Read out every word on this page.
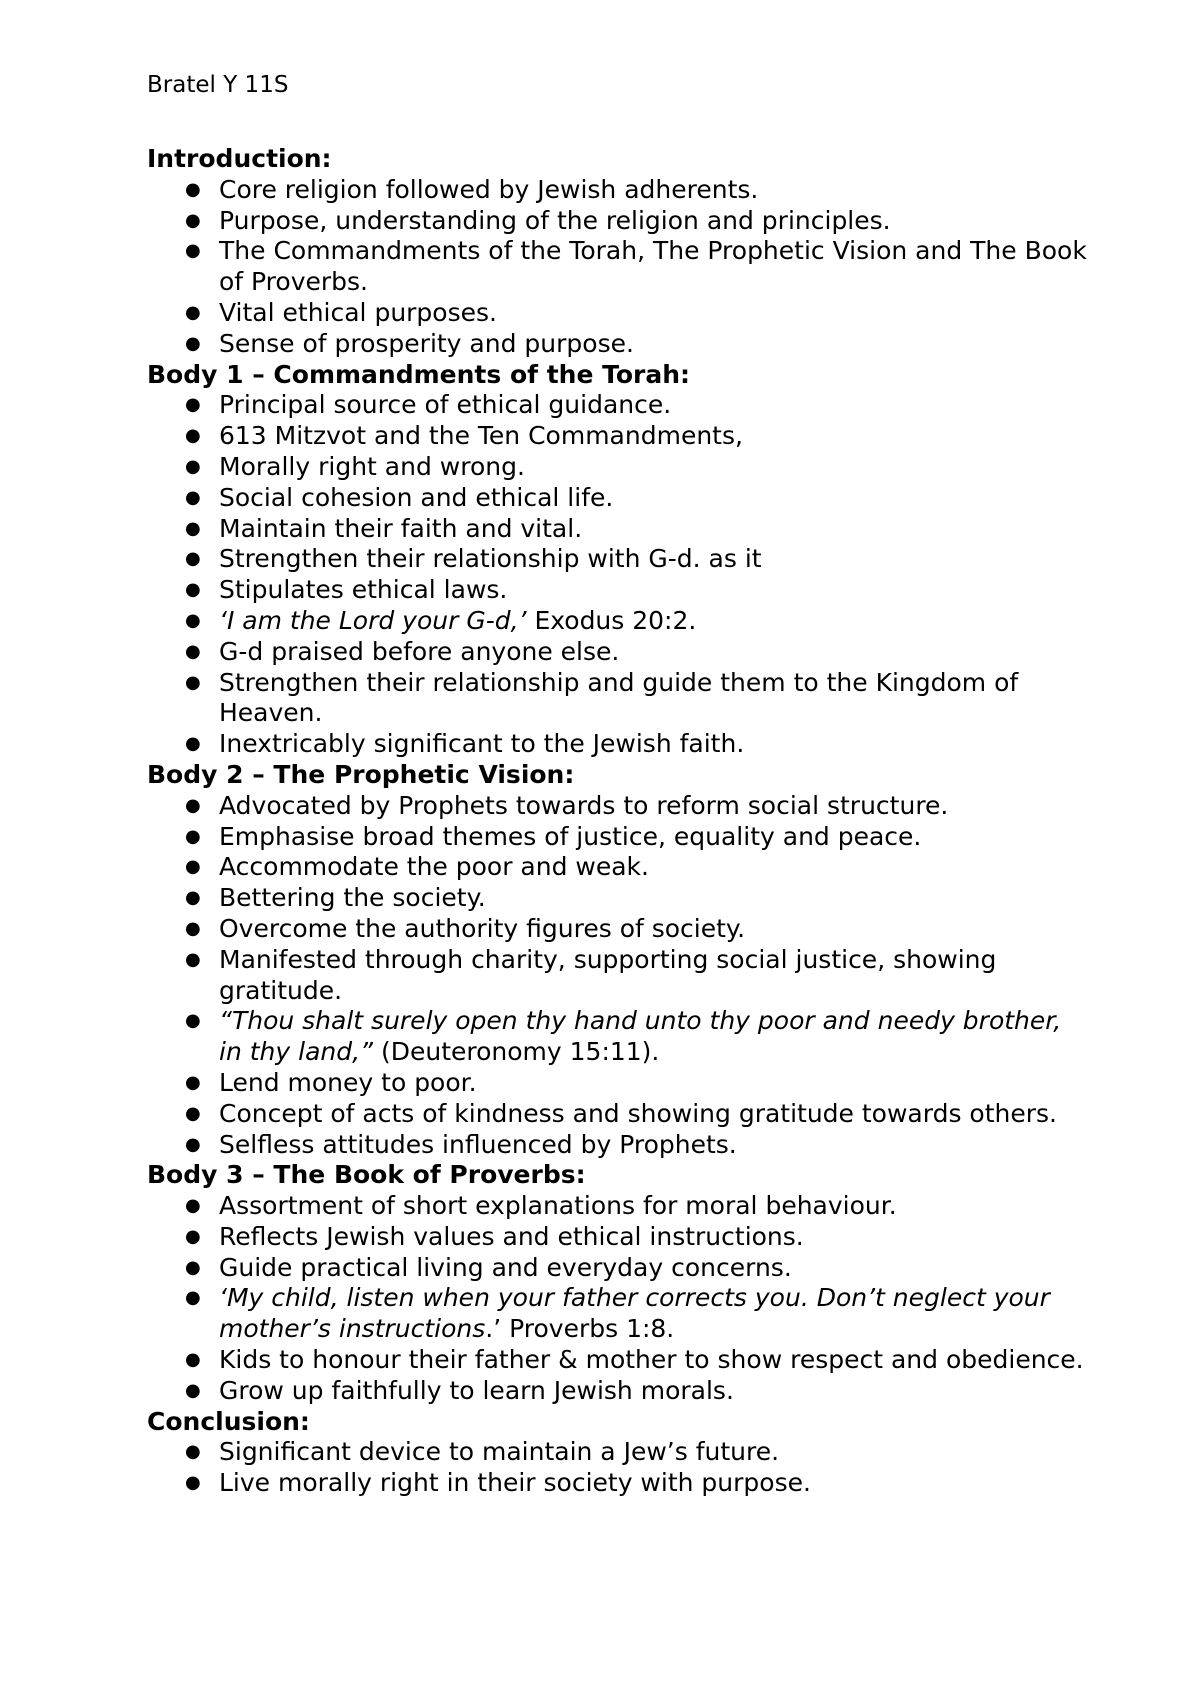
Bratel Y 11S
Introduction:
● Core religion followed by Jewish adherents.
● Purpose, understanding of the religion and principles.
● The Commandments of the Torah, The Prophetic Vision and The Book of Proverbs.
● Vital ethical purposes.
● Sense of prosperity and purpose.
Body 1 – Commandments of the Torah:
● Principal source of ethical guidance.
● 613 Mitzvot and the Ten Commandments,
● Morally right and wrong.
● Social cohesion and ethical life.
● Maintain their faith and vital.
● Strengthen their relationship with G-d. as it
● Stipulates ethical laws.
● ‘I am the Lord your G-d,’ Exodus 20:2.
● G-d praised before anyone else.
● Strengthen their relationship and guide them to the Kingdom of Heaven.
● Inextricably significant to the Jewish faith.
Body 2 – The Prophetic Vision:
● Advocated by Prophets towards to reform social structure.
● Emphasise broad themes of justice, equality and peace.
● Accommodate the poor and weak.
● Bettering the society.
● Overcome the authority figures of society.
● Manifested through charity, supporting social justice, showing gratitude.
● “Thou shalt surely open thy hand unto thy poor and needy brother, in thy land,” (Deuteronomy 15:11).
● Lend money to poor.
● Concept of acts of kindness and showing gratitude towards others.
● Selfless attitudes influenced by Prophets.
Body 3 – The Book of Proverbs:
● Assortment of short explanations for moral behaviour.
● Reflects Jewish values and ethical instructions.
● Guide practical living and everyday concerns.
● ‘My child, listen when your father corrects you. Don’t neglect your mother’s instructions.’ Proverbs 1:8.
● Kids to honour their father & mother to show respect and obedience.
● Grow up faithfully to learn Jewish morals.
Conclusion:
● Significant device to maintain a Jew’s future.
● Live morally right in their society with purpose.
